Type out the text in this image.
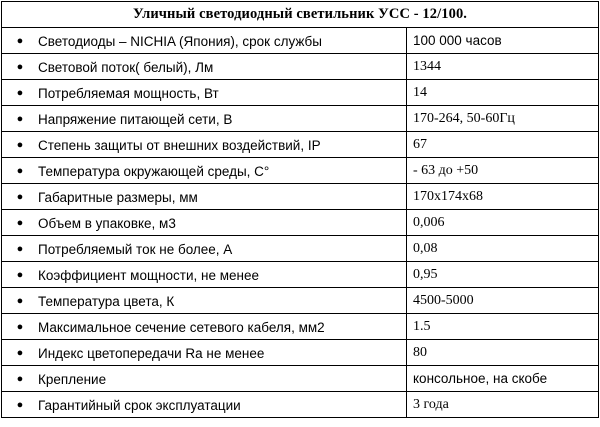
Уличный светодиодный светильник УСС - 12/100.	
● Светодиоды – NICHIA (Япония), срок службы	100 000 часов
● Световой поток( белый), Лм	1344
● Потребляемая мощность, Вт	14
● Напряжение питающей сети, В	170-264, 50-60Гц
● Степень защиты от внешних воздействий, IP	67
● Температура окружающей среды, С°	- 63 до +50
● Габаритные размеры, мм	170x174x68
● Объем в упаковке, м3	0,006
● Потребляемый ток не более, А	0,08
● Коэффициент мощности, не менее	0,95
● Температура цвета, К	4500-5000
● Максимальное сечение сетевого кабеля, мм2	1.5
● Индекс цветопередачи Ra не менее	80
● Крепление	консольное, на скобе
● Гарантийный срок эксплуатации	3 года
